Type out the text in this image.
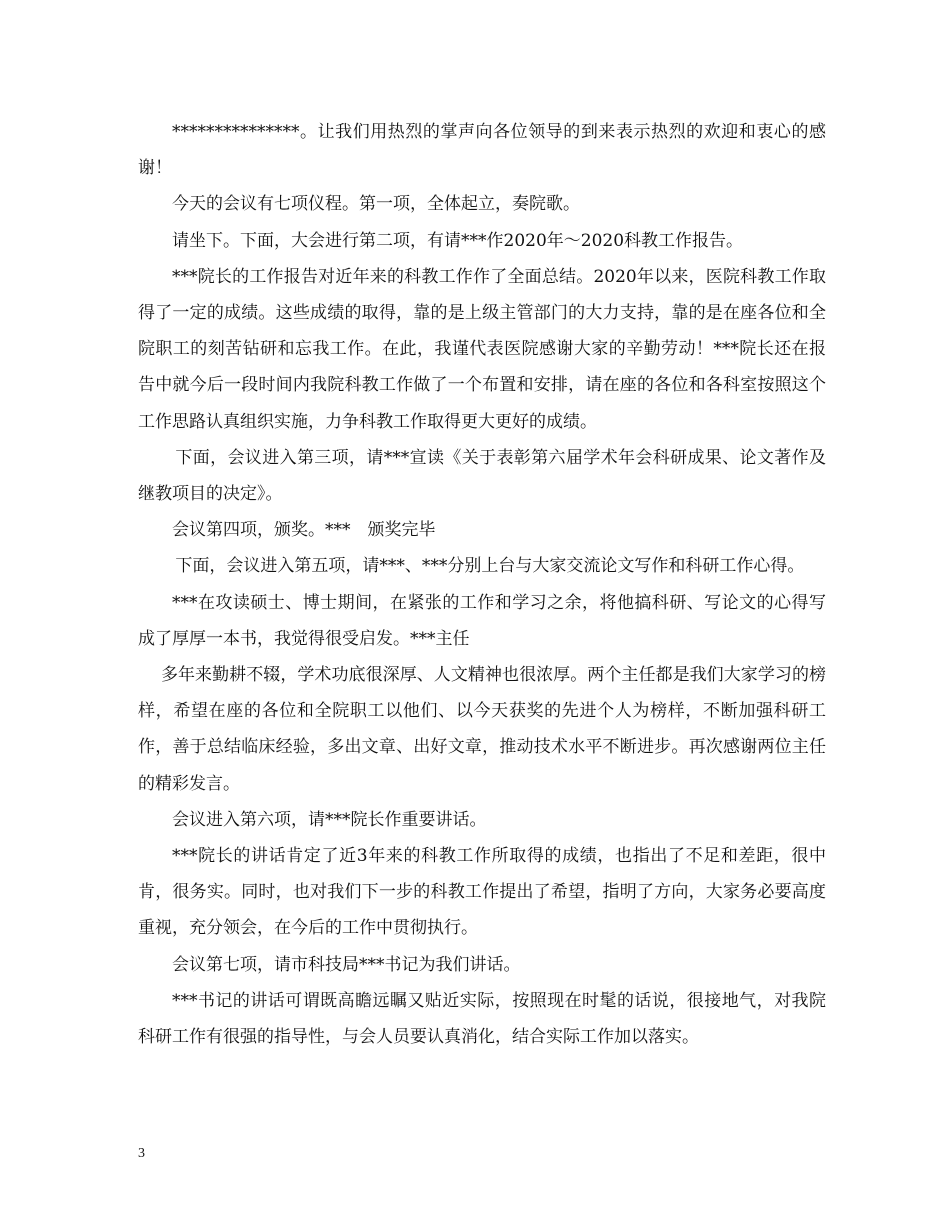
***************。让我们用热烈的掌声向各位领导的到来表示热烈的欢迎和衷心的感谢！

今天的会议有七项仪程。第一项，全体起立，奏院歌。

请坐下。下面，大会进行第二项，有请***作2020年～2020科教工作报告。

***院长的工作报告对近年来的科教工作作了全面总结。2020年以来，医院科教工作取得了一定的成绩。这些成绩的取得，靠的是上级主管部门的大力支持，靠的是在座各位和全院职工的刻苦钻研和忘我工作。在此，我谨代表医院感谢大家的辛勤劳动！***院长还在报告中就今后一段时间内我院科教工作做了一个布置和安排，请在座的各位和各科室按照这个工作思路认真组织实施，力争科教工作取得更大更好的成绩。

下面，会议进入第三项，请***宣读《关于表彰第六届学术年会科研成果、论文著作及继教项目的决定》。

会议第四项，颁奖。***　颁奖完毕

下面，会议进入第五项，请***、***分别上台与大家交流论文写作和科研工作心得。

***在攻读硕士、博士期间，在紧张的工作和学习之余，将他搞科研、写论文的心得写成了厚厚一本书，我觉得很受启发。***主任

多年来勤耕不辍，学术功底很深厚、人文精神也很浓厚。两个主任都是我们大家学习的榜样，希望在座的各位和全院职工以他们、以今天获奖的先进个人为榜样，不断加强科研工作，善于总结临床经验，多出文章、出好文章，推动技术水平不断进步。再次感谢两位主任的精彩发言。

会议进入第六项，请***院长作重要讲话。

***院长的讲话肯定了近3年来的科教工作所取得的成绩，也指出了不足和差距，很中肯，很务实。同时，也对我们下一步的科教工作提出了希望，指明了方向，大家务必要高度重视，充分领会，在今后的工作中贯彻执行。

会议第七项，请市科技局***书记为我们讲话。

***书记的讲话可谓既高瞻远瞩又贴近实际，按照现在时髦的话说，很接地气，对我院科研工作有很强的指导性，与会人员要认真消化，结合实际工作加以落实。

3
